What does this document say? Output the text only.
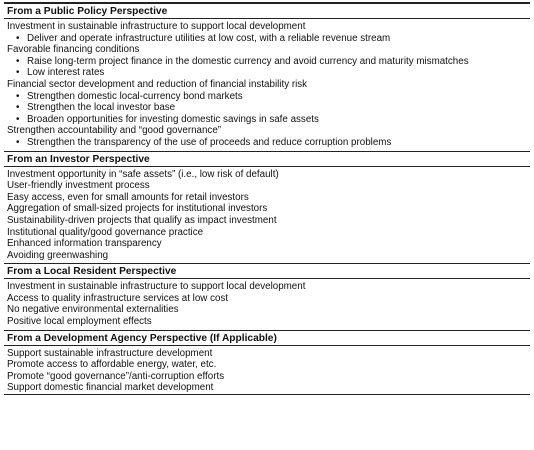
From a Public Policy Perspective
Investment in sustainable infrastructure to support local development
• Deliver and operate infrastructure utilities at low cost, with a reliable revenue stream
Favorable financing conditions
• Raise long-term project finance in the domestic currency and avoid currency and maturity mismatches
• Low interest rates
Financial sector development and reduction of financial instability risk
• Strengthen domestic local-currency bond markets
• Strengthen the local investor base
• Broaden opportunities for investing domestic savings in safe assets
Strengthen accountability and “good governance”
• Strengthen the transparency of the use of proceeds and reduce corruption problems
From an Investor Perspective
Investment opportunity in “safe assets” (i.e., low risk of default)
User-friendly investment process
Easy access, even for small amounts for retail investors
Aggregation of small-sized projects for institutional investors
Sustainability-driven projects that qualify as impact investment
Institutional quality/good governance practice
Enhanced information transparency
Avoiding greenwashing
From a Local Resident Perspective
Investment in sustainable infrastructure to support local development
Access to quality infrastructure services at low cost
No negative environmental externalities
Positive local employment effects
From a Development Agency Perspective (If Applicable)
Support sustainable infrastructure development
Promote access to affordable energy, water, etc.
Promote “good governance”/anti-corruption efforts
Support domestic financial market development
